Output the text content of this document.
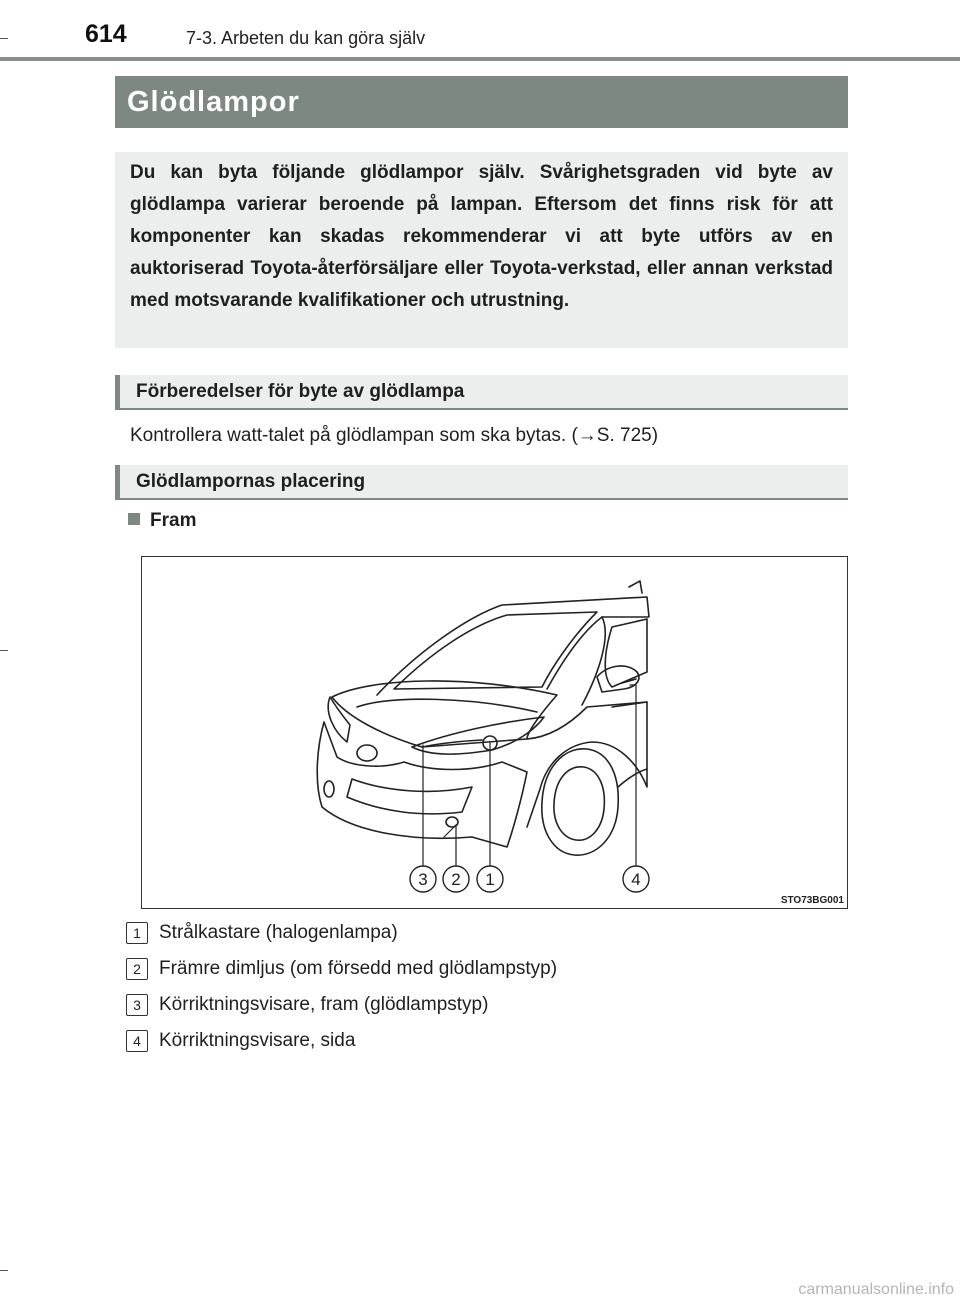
614	7-3. Arbeten du kan göra själv
Glödlampor
Du kan byta följande glödlampor själv. Svårighetsgraden vid byte av glödlampa varierar beroende på lampan. Eftersom det finns risk för att komponenter kan skadas rekommenderar vi att byte utförs av en auktoriserad Toyota-återförsäljare eller Toyota-verkstad, eller annan verkstad med motsvarande kvalifikationer och utrustning.
Förberedelser för byte av glödlampa
Kontrollera watt-talet på glödlampan som ska bytas. (→S. 725)
Glödlampornas placering
Fram
3 2 1	4
STO73BG001
1 Strålkastare (halogenlampa)
2 Främre dimljus (om försedd med glödlampstyp)
3 Körriktningsvisare, fram (glödlampstyp)
4 Körriktningsvisare, sida
carmanualsonline.info
